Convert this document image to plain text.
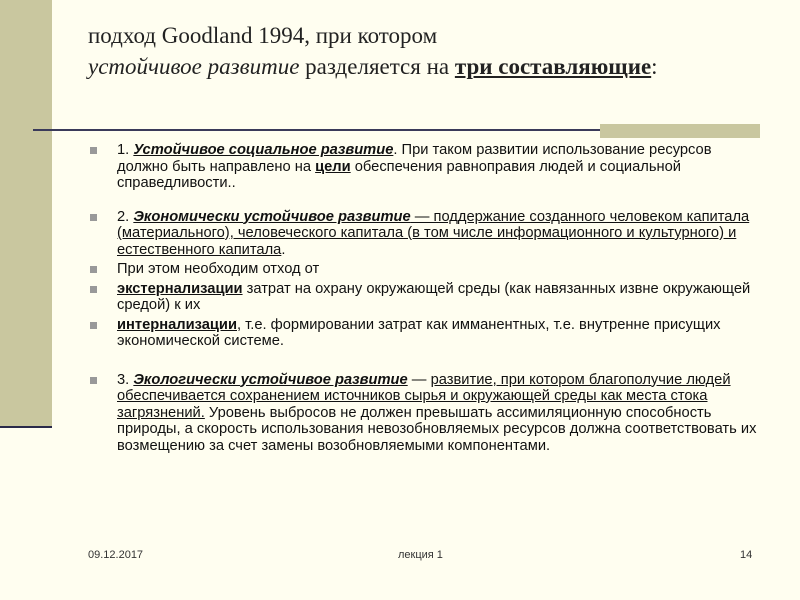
подход Goodland 1994, при котором
устойчивое развитие разделяется на три составляющие:

1. Устойчивое социальное развитие. При таком развитии использование ресурсов должно быть направлено на цели обеспечения равноправия людей и социальной справедливости..

2. Экономически устойчивое развитие — поддержание созданного человеком капитала (материального), человеческого капитала (в том числе информационного и культурного) и естественного капитала.

При этом необходим отход от

экстернализации затрат на охрану окружающей среды (как навязанных извне окружающей средой) к их

интернализации, т.е. формировании затрат как имманентных, т.е. внутренне присущих экономической системе.

3. Экологически устойчивое развитие — развитие, при котором благополучие людей обеспечивается сохранением источников сырья и окружающей среды как места стока загрязнений. Уровень выбросов не должен превышать ассимиляционную способность природы, а скорость использования невозобновляемых ресурсов должна соответствовать их возмещению за счет замены возобновляемыми компонентами.

09.12.2017	лекция 1	14
